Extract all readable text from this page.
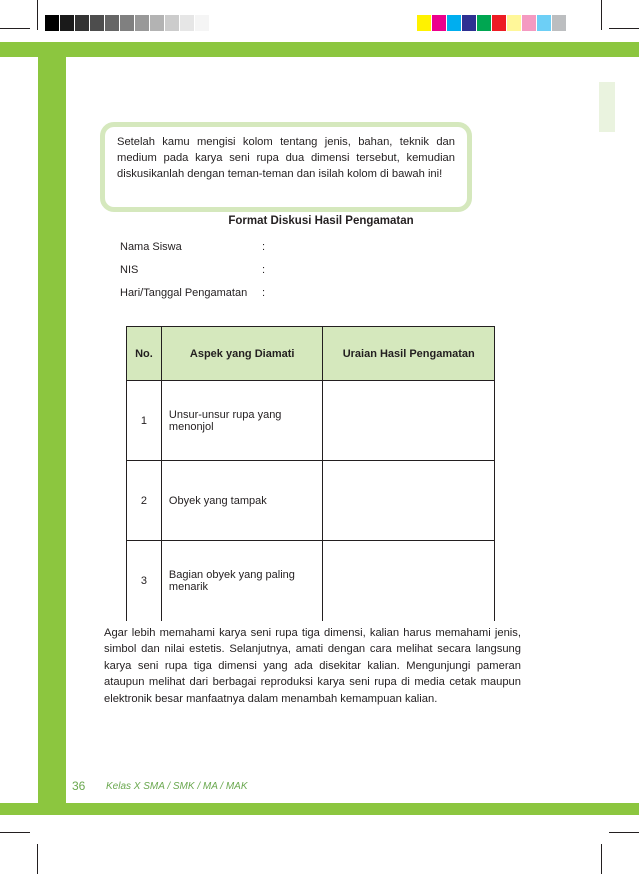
Setelah kamu mengisi kolom tentang jenis, bahan, teknik dan medium pada karya seni rupa dua dimensi tersebut, kemudian diskusikanlah dengan teman-teman dan isilah kolom di bawah ini!

Format Diskusi Hasil Pengamatan
Nama Siswa	:
NIS	:
Hari/Tanggal Pengamatan :
No.	Aspek yang Diamati	Uraian Hasil Pengamatan
1	Unsur-unsur rupa yang menonjol	
2	Obyek yang tampak	
3	Bagian obyek yang paling menarik	

Agar lebih memahami karya seni rupa tiga dimensi, kalian harus memahami jenis, simbol dan nilai estetis. Selanjutnya, amati dengan cara melihat secara langsung karya seni rupa tiga dimensi yang ada disekitar kalian. Mengunjungi pameran ataupun melihat dari berbagai reproduksi karya seni rupa di media cetak maupun elektronik besar manfaatnya dalam menambah kemampuan kalian.

36 Kelas X SMA / SMK / MA / MAK
